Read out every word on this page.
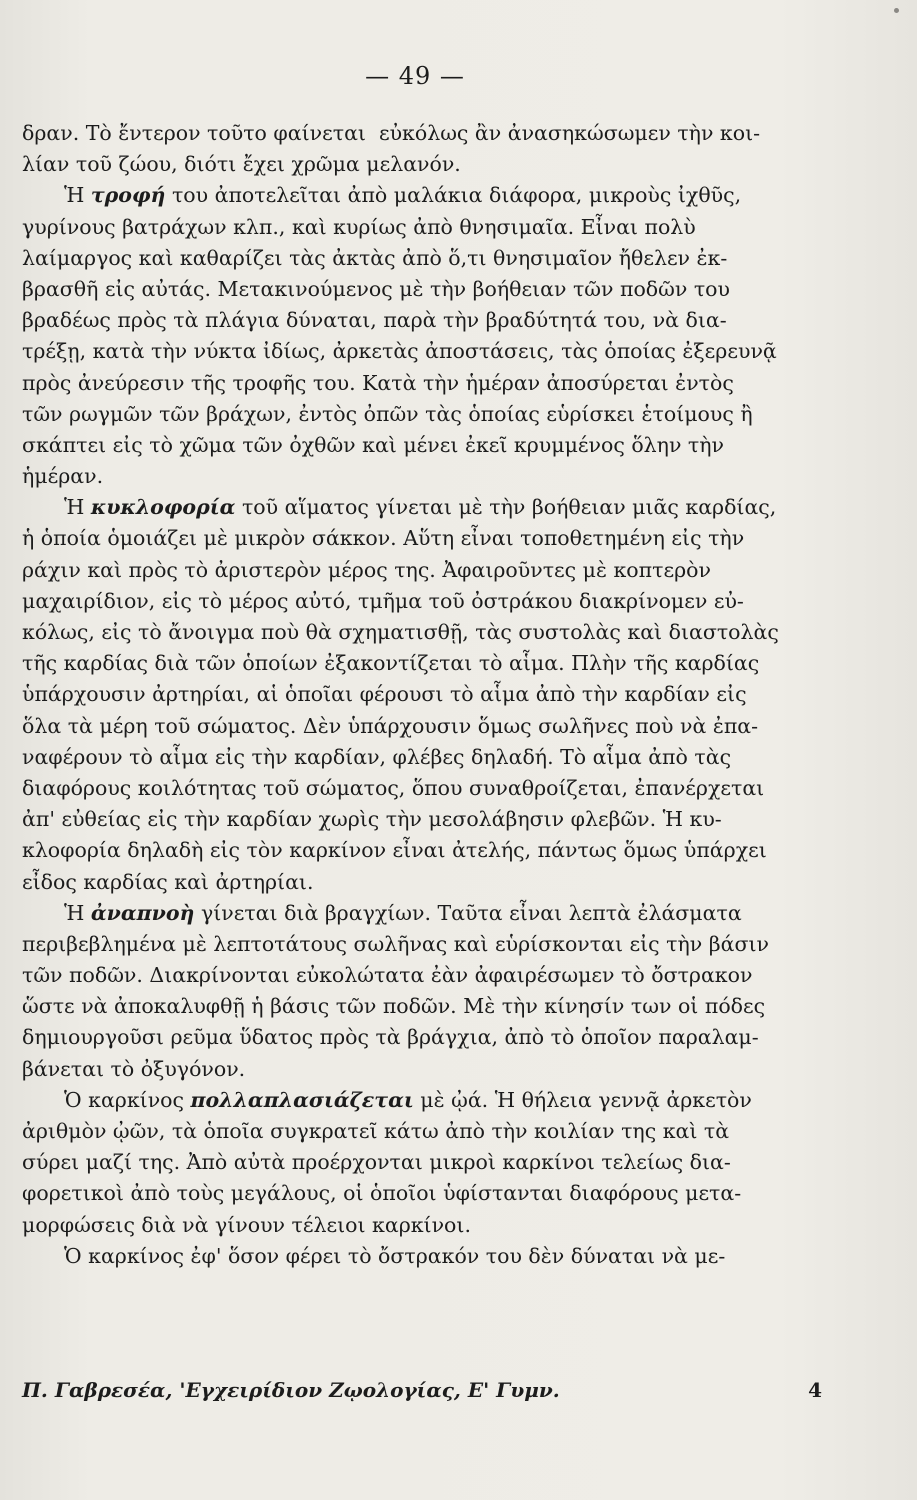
— 49 —
δραν. Τὸ ἔντερον τοῦτο φαίνεται  εὐκόλως ἂν ἀνασηκώσωμεν τὴν κοι-
λίαν τοῦ ζώου, διότι ἔχει χρῶμα μελανόν.
Ἡ τροφή του ἀποτελεῖται ἀπὸ μαλάκια διάφορα, μικροὺς ἰχθῦς,
γυρίνους βατράχων κλπ., καὶ κυρίως ἀπὸ θνησιμαῖα. Εἶναι πολὺ
λαίμαργος καὶ καθαρίζει τὰς ἀκτὰς ἀπὸ ὅ,τι θνησιμαῖον ἤθελεν ἐκ-
βρασθῆ εἰς αὐτάς. Μετακινούμενος μὲ τὴν βοήθειαν τῶν ποδῶν του
βραδέως πρὸς τὰ πλάγια δύναται, παρὰ τὴν βραδύτητά του, νὰ δια-
τρέξῃ, κατὰ τὴν νύκτα ἰδίως, ἀρκετὰς ἀποστάσεις, τὰς ὁποίας ἐξερευνᾷ
πρὸς ἀνεύρεσιν τῆς τροφῆς του. Κατὰ τὴν ἡμέραν ἀποσύρεται ἐντὸς
τῶν ρωγμῶν τῶν βράχων, ἐντὸς ὀπῶν τὰς ὁποίας εὑρίσκει ἑτοίμους ἢ
σκάπτει εἰς τὸ χῶμα τῶν ὀχθῶν καὶ μένει ἐκεῖ κρυμμένος ὅλην τὴν
ἡμέραν.
Ἡ κυκλοφορία τοῦ αἵματος γίνεται μὲ τὴν βοήθειαν μιᾶς καρδίας,
ἡ ὁποία ὁμοιάζει μὲ μικρὸν σάκκον. Αὕτη εἶναι τοποθετημένη εἰς τὴν
ράχιν καὶ πρὸς τὸ ἀριστερὸν μέρος της. Ἀφαιροῦντες μὲ κοπτερὸν
μαχαιρίδιον, εἰς τὸ μέρος αὐτό, τμῆμα τοῦ ὀστράκου διακρίνομεν εὐ-
κόλως, εἰς τὸ ἄνοιγμα ποὺ θὰ σχηματισθῇ, τὰς συστολὰς καὶ διαστολὰς
τῆς καρδίας διὰ τῶν ὁποίων ἐξακοντίζεται τὸ αἷμα. Πλὴν τῆς καρδίας
ὑπάρχουσιν ἀρτηρίαι, αἱ ὁποῖαι φέρουσι τὸ αἷμα ἀπὸ τὴν καρδίαν εἰς
ὅλα τὰ μέρη τοῦ σώματος. Δὲν ὑπάρχουσιν ὅμως σωλῆνες ποὺ νὰ ἐπα-
ναφέρουν τὸ αἷμα εἰς τὴν καρδίαν, φλέβες δηλαδή. Τὸ αἷμα ἀπὸ τὰς
διαφόρους κοιλότητας τοῦ σώματος, ὅπου συναθροίζεται, ἐπανέρχεται
ἀπ' εὐθείας εἰς τὴν καρδίαν χωρὶς τὴν μεσολάβησιν φλεβῶν. Ἡ κυ-
κλοφορία δηλαδὴ εἰς τὸν καρκίνον εἶναι ἀτελής, πάντως ὅμως ὑπάρχει
εἶδος καρδίας καὶ ἀρτηρίαι.
Ἡ ἀναπνοὴ γίνεται διὰ βραγχίων. Ταῦτα εἶναι λεπτὰ ἐλάσματα
περιβεβλημένα μὲ λεπτοτάτους σωλῆνας καὶ εὑρίσκονται εἰς τὴν βάσιν
τῶν ποδῶν. Διακρίνονται εὐκολώτατα ἐὰν ἀφαιρέσωμεν τὸ ὄστρακον
ὥστε νὰ ἀποκαλυφθῇ ἡ βάσις τῶν ποδῶν. Μὲ τὴν κίνησίν των οἱ πόδες
δημιουργοῦσι ρεῦμα ὕδατος πρὸς τὰ βράγχια, ἀπὸ τὸ ὁποῖον παραλαμ-
βάνεται τὸ ὀξυγόνον.
Ὁ καρκίνος πολλαπλασιάζεται μὲ ᾠά. Ἡ θήλεια γεννᾷ ἀρκετὸν
ἀριθμὸν ᾠῶν, τὰ ὁποῖα συγκρατεῖ κάτω ἀπὸ τὴν κοιλίαν της καὶ τὰ
σύρει μαζί της. Ἀπὸ αὐτὰ προέρχονται μικροὶ καρκίνοι τελείως δια-
φορετικοὶ ἀπὸ τοὺς μεγάλους, οἱ ὁποῖοι ὑφίστανται διαφόρους μετα-
μορφώσεις διὰ νὰ γίνουν τέλειοι καρκίνοι.
Ὁ καρκίνος ἐφ' ὅσον φέρει τὸ ὄστρακόν του δὲν δύναται νὰ με-
Π. Γαβρεσέα, 'Εγχειρίδιον Ζῳολογίας, Ε' Γυμν.	4
